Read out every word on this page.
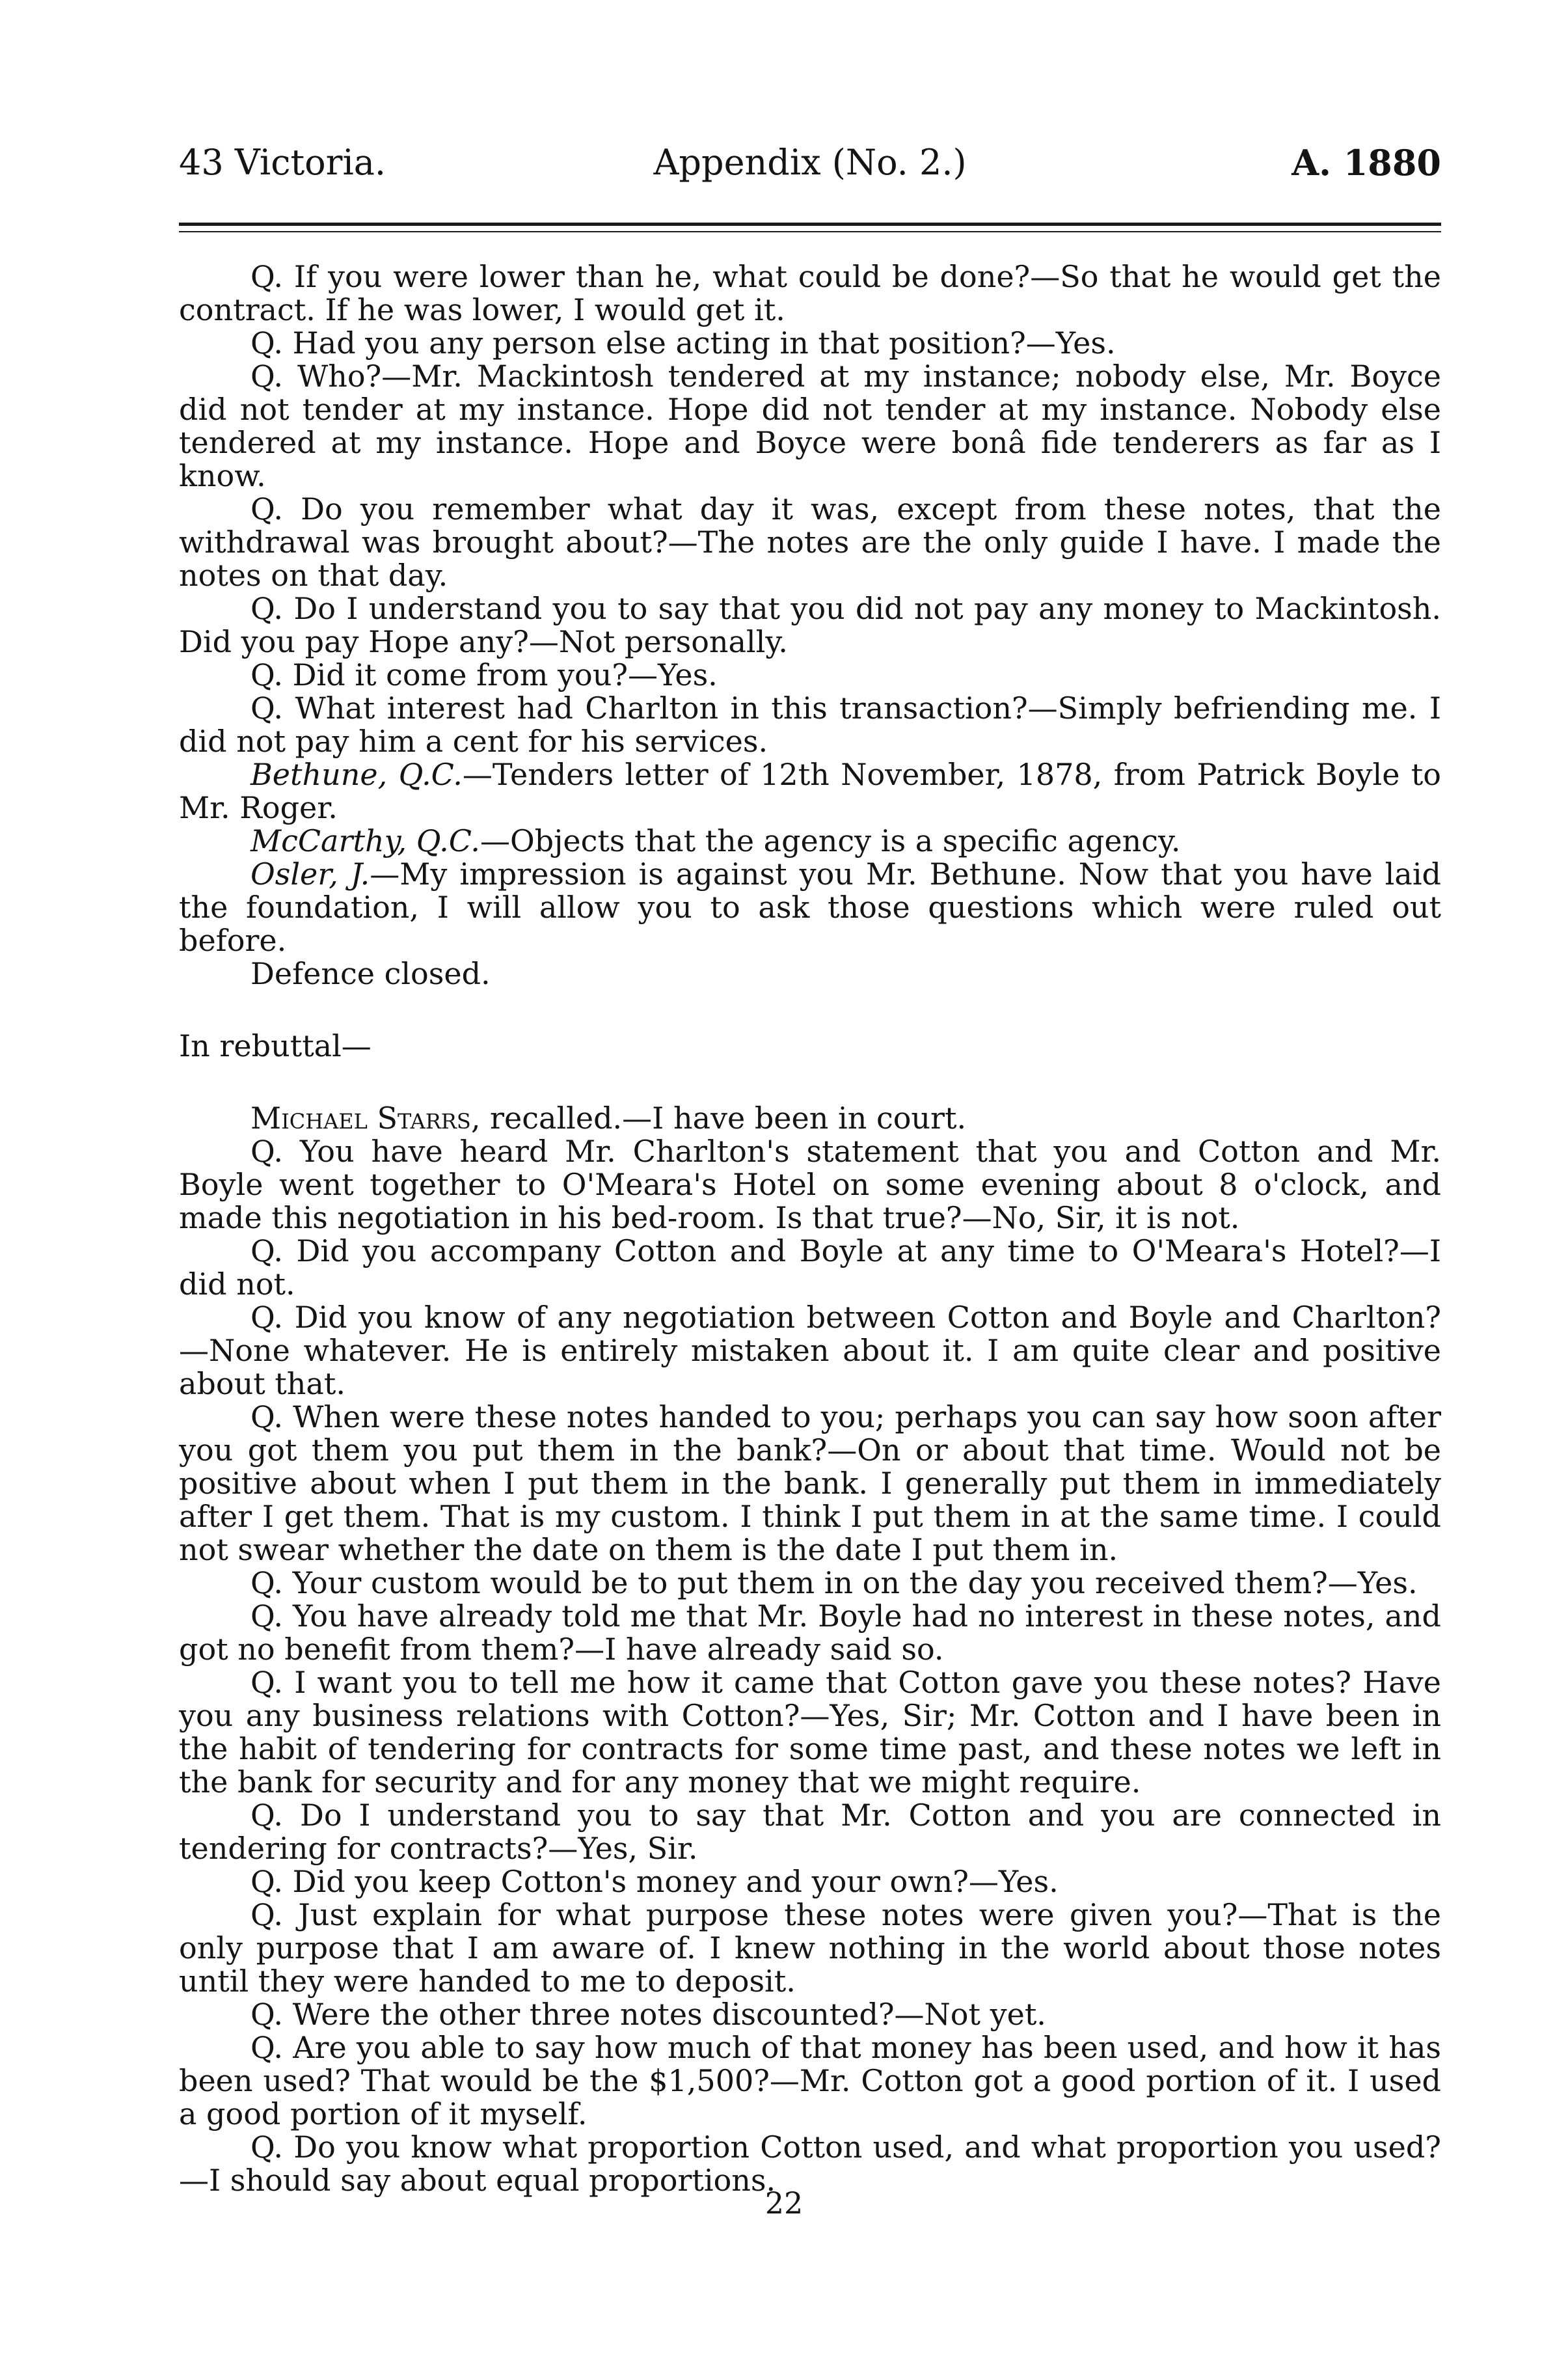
Appendix (No. 2.)
43 Victoria.	A. 1880

Q. If you were lower than he, what could be done?—So that he would get the contract. If he was lower, I would get it.

Q. Had you any person else acting in that position?—Yes.

Q. Who?—Mr. Mackintosh tendered at my instance; nobody else, Mr. Boyce did not tender at my instance. Hope did not tender at my instance. Nobody else tendered at my instance. Hope and Boyce were bonâ fide tenderers as far as I know.

Q. Do you remember what day it was, except from these notes, that the withdrawal was brought about?—The notes are the only guide I have. I made the notes on that day.

Q. Do I understand you to say that you did not pay any money to Mackintosh. Did you pay Hope any?—Not personally.

Q. Did it come from you?—Yes.

Q. What interest had Charlton in this transaction?—Simply befriending me. I did not pay him a cent for his services.

Bethune, Q.C.—Tenders letter of 12th November, 1878, from Patrick Boyle to Mr. Roger.

McCarthy, Q.C.—Objects that the agency is a specific agency.

Osler, J.—My impression is against you Mr. Bethune. Now that you have laid the foundation, I will allow you to ask those questions which were ruled out before.

Defence closed.

In rebuttal—

Michael Starrs, recalled.—I have been in court.

Q. You have heard Mr. Charlton's statement that you and Cotton and Mr. Boyle went together to O'Meara's Hotel on some evening about 8 o'clock, and made this negotiation in his bed-room. Is that true?—No, Sir, it is not.

Q. Did you accompany Cotton and Boyle at any time to O'Meara's Hotel?—I did not.

Q. Did you know of any negotiation between Cotton and Boyle and Charlton?—None whatever. He is entirely mistaken about it. I am quite clear and positive about that.

Q. When were these notes handed to you; perhaps you can say how soon after you got them you put them in the bank?—On or about that time. Would not be positive about when I put them in the bank. I generally put them in immediately after I get them. That is my custom. I think I put them in at the same time. I could not swear whether the date on them is the date I put them in.

Q. Your custom would be to put them in on the day you received them?—Yes.

Q. You have already told me that Mr. Boyle had no interest in these notes, and got no benefit from them?—I have already said so.

Q. I want you to tell me how it came that Cotton gave you these notes? Have you any business relations with Cotton?—Yes, Sir; Mr. Cotton and I have been in the habit of tendering for contracts for some time past, and these notes we left in the bank for security and for any money that we might require.

Q. Do I understand you to say that Mr. Cotton and you are connected in tendering for contracts?—Yes, Sir.

Q. Did you keep Cotton's money and your own?—Yes.

Q. Just explain for what purpose these notes were given you?—That is the only purpose that I am aware of. I knew nothing in the world about those notes until they were handed to me to deposit.

Q. Were the other three notes discounted?—Not yet.

Q. Are you able to say how much of that money has been used, and how it has been used? That would be the $1,500?—Mr. Cotton got a good portion of it. I used a good portion of it myself.

Q. Do you know what proportion Cotton used, and what proportion you used?—I should say about equal proportions.

22
